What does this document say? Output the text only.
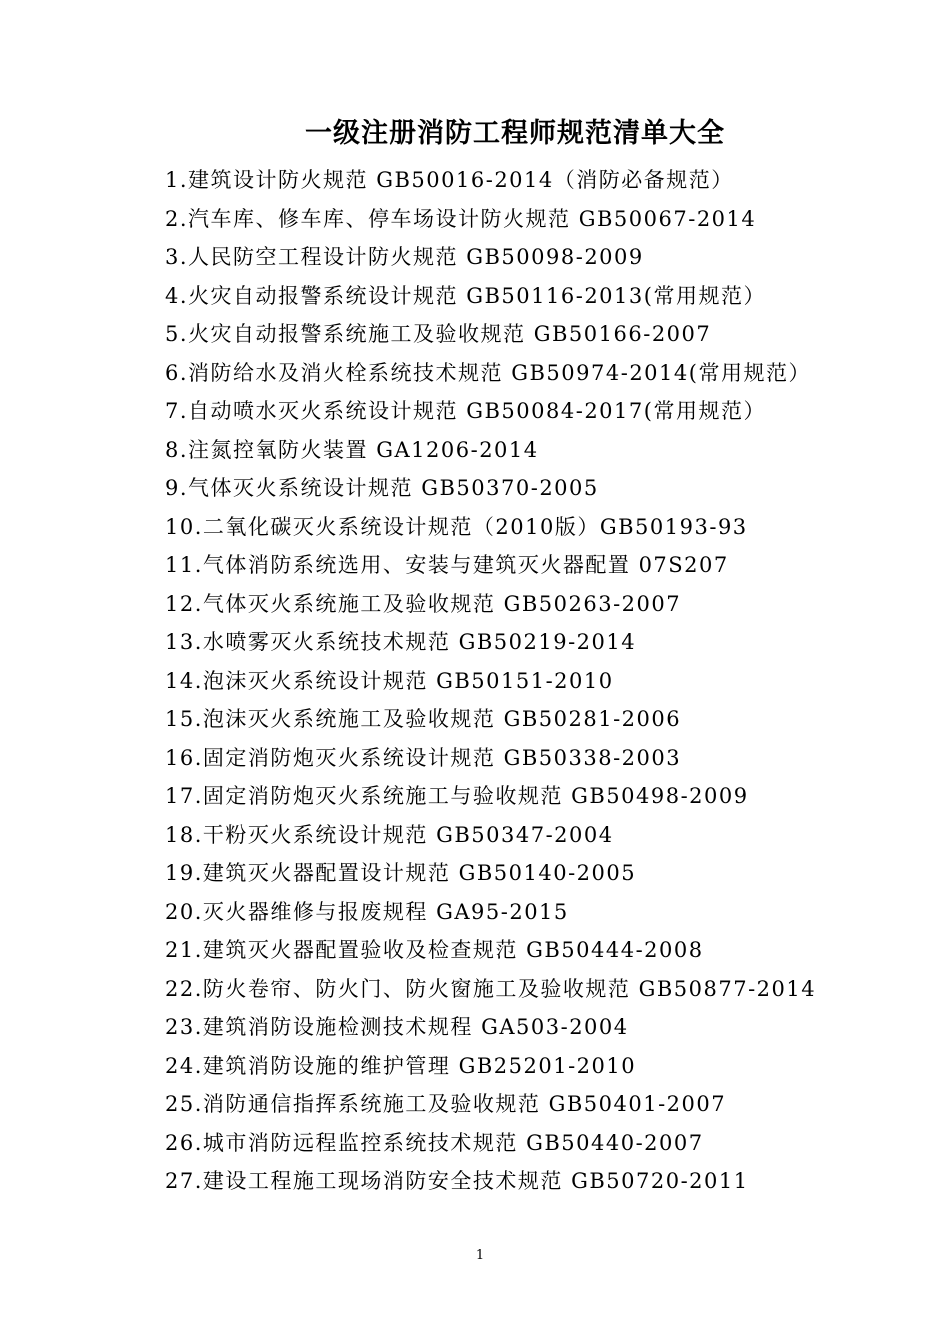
一级注册消防工程师规范清单大全
1.建筑设计防火规范 GB50016-2014（消防必备规范）
2.汽车库、修车库、停车场设计防火规范 GB50067-2014
3.人民防空工程设计防火规范 GB50098-2009
4.火灾自动报警系统设计规范 GB50116-2013(常用规范）
5.火灾自动报警系统施工及验收规范 GB50166-2007
6.消防给水及消火栓系统技术规范 GB50974-2014(常用规范）
7.自动喷水灭火系统设计规范 GB50084-2017(常用规范）
8.注氮控氧防火装置 GA1206-2014
9.气体灭火系统设计规范 GB50370-2005
10.二氧化碳灭火系统设计规范（2010版）GB50193-93
11.气体消防系统选用、安装与建筑灭火器配置 07S207
12.气体灭火系统施工及验收规范 GB50263-2007
13.水喷雾灭火系统技术规范 GB50219-2014
14.泡沫灭火系统设计规范 GB50151-2010
15.泡沫灭火系统施工及验收规范 GB50281-2006
16.固定消防炮灭火系统设计规范 GB50338-2003
17.固定消防炮灭火系统施工与验收规范 GB50498-2009
18.干粉灭火系统设计规范 GB50347-2004
19.建筑灭火器配置设计规范 GB50140-2005
20.灭火器维修与报废规程 GA95-2015
21.建筑灭火器配置验收及检查规范 GB50444-2008
22.防火卷帘、防火门、防火窗施工及验收规范 GB50877-2014
23.建筑消防设施检测技术规程 GA503-2004
24.建筑消防设施的维护管理 GB25201-2010
25.消防通信指挥系统施工及验收规范 GB50401-2007
26.城市消防远程监控系统技术规范 GB50440-2007
27.建设工程施工现场消防安全技术规范 GB50720-2011
1
